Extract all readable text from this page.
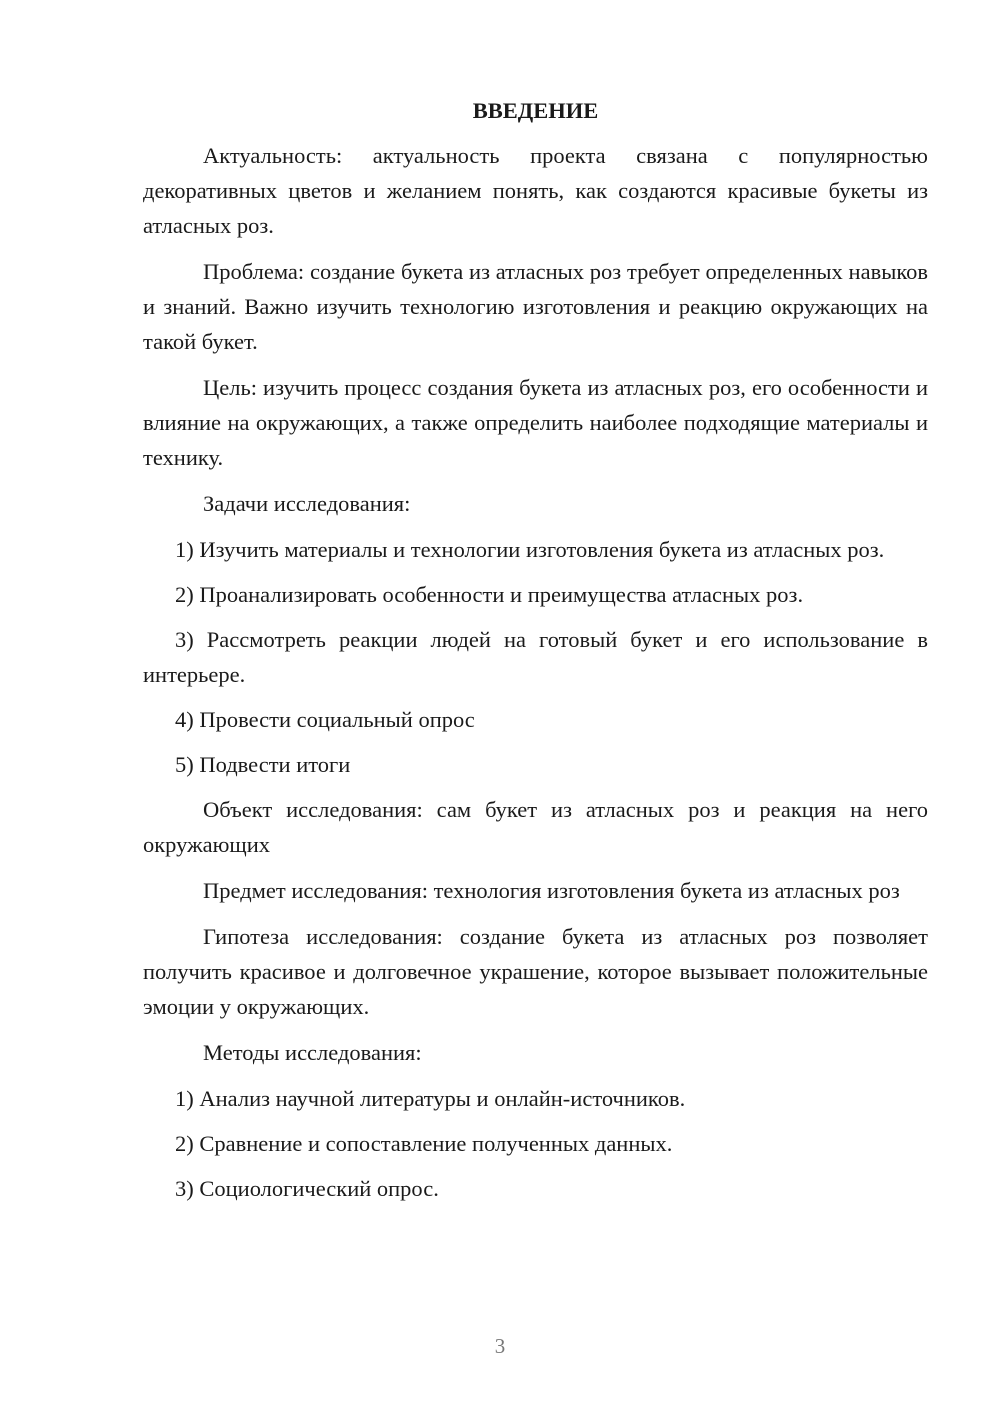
ВВЕДЕНИЕ
Актуальность: актуальность проекта связана с популярностью декоративных цветов и желанием понять, как создаются красивые букеты из атласных роз.
Проблема: создание букета из атласных роз требует определенных навыков и знаний. Важно изучить технологию изготовления и реакцию окружающих на такой букет.
Цель: изучить процесс создания букета из атласных роз, его особенности и влияние на окружающих, а также определить наиболее подходящие материалы и технику.
Задачи исследования:
1) Изучить материалы и технологии изготовления букета из атласных роз.
2) Проанализировать особенности и преимущества атласных роз.
3) Рассмотреть реакции людей на готовый букет и его использование в интерьере.
4) Провести социальный опрос
5) Подвести итоги
Объект исследования: сам букет из атласных роз и реакция на него окружающих
Предмет исследования: технология изготовления букета из атласных роз
Гипотеза исследования: создание букета из атласных роз позволяет получить красивое и долговечное украшение, которое вызывает положительные эмоции у окружающих.
Методы исследования:
1) Анализ научной литературы и онлайн-источников.
2) Сравнение и сопоставление полученных данных.
3) Социологический опрос.
3
